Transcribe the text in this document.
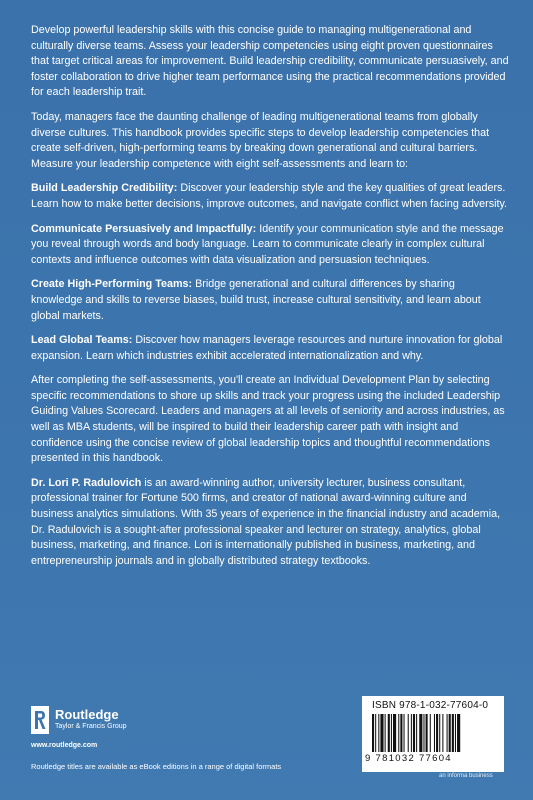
Develop powerful leadership skills with this concise guide to managing multigenerational and culturally diverse teams. Assess your leadership competencies using eight proven questionnaires that target critical areas for improvement. Build leadership credibility, communicate persuasively, and foster collaboration to drive higher team performance using the practical recommendations provided for each leadership trait.

Today, managers face the daunting challenge of leading multigenerational teams from globally diverse cultures. This handbook provides specific steps to develop leadership competencies that create self-driven, high-performing teams by breaking down generational and cultural barriers. Measure your leadership competence with eight self-assessments and learn to:

Build Leadership Credibility: Discover your leadership style and the key qualities of great leaders. Learn how to make better decisions, improve outcomes, and navigate conflict when facing adversity.

Communicate Persuasively and Impactfully: Identify your communication style and the message you reveal through words and body language. Learn to communicate clearly in complex cultural contexts and influence outcomes with data visualization and persuasion techniques.

Create High-Performing Teams: Bridge generational and cultural differences by sharing knowledge and skills to reverse biases, build trust, increase cultural sensitivity, and learn about global markets.

Lead Global Teams: Discover how managers leverage resources and nurture innovation for global expansion. Learn which industries exhibit accelerated internationalization and why.

After completing the self-assessments, you'll create an Individual Development Plan by selecting specific recommendations to shore up skills and track your progress using the included Leadership Guiding Values Scorecard. Leaders and managers at all levels of seniority and across industries, as well as MBA students, will be inspired to build their leadership career path with insight and confidence using the concise review of global leadership topics and thoughtful recommendations presented in this handbook.

Dr. Lori P. Radulovich is an award-winning author, university lecturer, business consultant, professional trainer for Fortune 500 firms, and creator of national award-winning culture and business analytics simulations. With 35 years of experience in the financial industry and academia, Dr. Radulovich is a sought-after professional speaker and lecturer on strategy, analytics, global business, marketing, and finance. Lori is internationally published in business, marketing, and entrepreneurship journals and in globally distributed strategy textbooks.

Routledge
Taylor & Francis Group
www.routledge.com
Routledge titles are available as eBook editions in a range of digital formats
ISBN 978-1-032-77604-0
9 781032 77604
an informa business
